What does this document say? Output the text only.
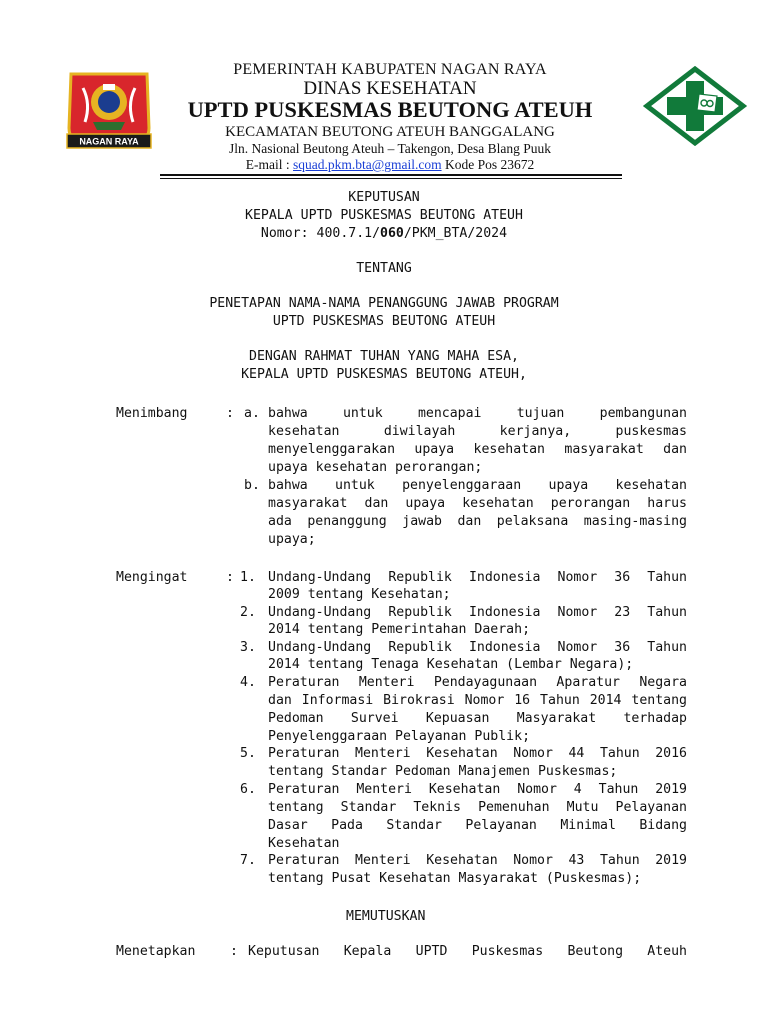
NAGAN RAYA
PEMERINTAH KABUPATEN NAGAN RAYA
DINAS KESEHATAN
UPTD PUSKESMAS BEUTONG ATEUH
KECAMATAN BEUTONG ATEUH BANGGALANG
Jln. Nasional Beutong Ateuh – Takengon, Desa Blang Puuk
E-mail : squad.pkm.bta@gmail.com Kode Pos 23672
KEPUTUSAN
KEPALA UPTD PUSKESMAS BEUTONG ATEUH
Nomor: 400.7.1/060/PKM_BTA/2024
TENTANG
PENETAPAN NAMA-NAMA PENANGGUNG JAWAB PROGRAM
UPTD PUSKESMAS BEUTONG ATEUH
DENGAN RAHMAT TUHAN YANG MAHA ESA,
KEPALA UPTD PUSKESMAS BEUTONG ATEUH,
Menimbang	: a. bahwa untuk mencapai tujuan pembangunan
kesehatan diwilayah kerjanya, puskesmas
menyelenggarakan upaya kesehatan masyarakat dan
upaya kesehatan perorangan;
b. bahwa untuk penyelenggaraan upaya kesehatan
masyarakat dan upaya kesehatan perorangan harus
ada penanggung jawab dan pelaksana masing-masing
upaya;
Mengingat	: 1. Undang-Undang Republik Indonesia Nomor 36 Tahun
2009 tentang Kesehatan;
2. Undang-Undang Republik Indonesia Nomor 23 Tahun
2014 tentang Pemerintahan Daerah;
3. Undang-Undang Republik Indonesia Nomor 36 Tahun
2014 tentang Tenaga Kesehatan (Lembar Negara);
4. Peraturan Menteri Pendayagunaan Aparatur Negara
dan Informasi Birokrasi Nomor 16 Tahun 2014 tentang
Pedoman Survei Kepuasan Masyarakat terhadap
Penyelenggaraan Pelayanan Publik;
5. Peraturan Menteri Kesehatan Nomor 44 Tahun 2016
tentang Standar Pedoman Manajemen Puskesmas;
6. Peraturan Menteri Kesehatan Nomor 4 Tahun 2019
tentang Standar Teknis Pemenuhan Mutu Pelayanan
Dasar Pada Standar Pelayanan Minimal Bidang
Kesehatan
7. Peraturan Menteri Kesehatan Nomor 43 Tahun 2019
tentang Pusat Kesehatan Masyarakat (Puskesmas);
MEMUTUSKAN
Menetapkan	: Keputusan Kepala UPTD Puskesmas Beutong Ateuh
